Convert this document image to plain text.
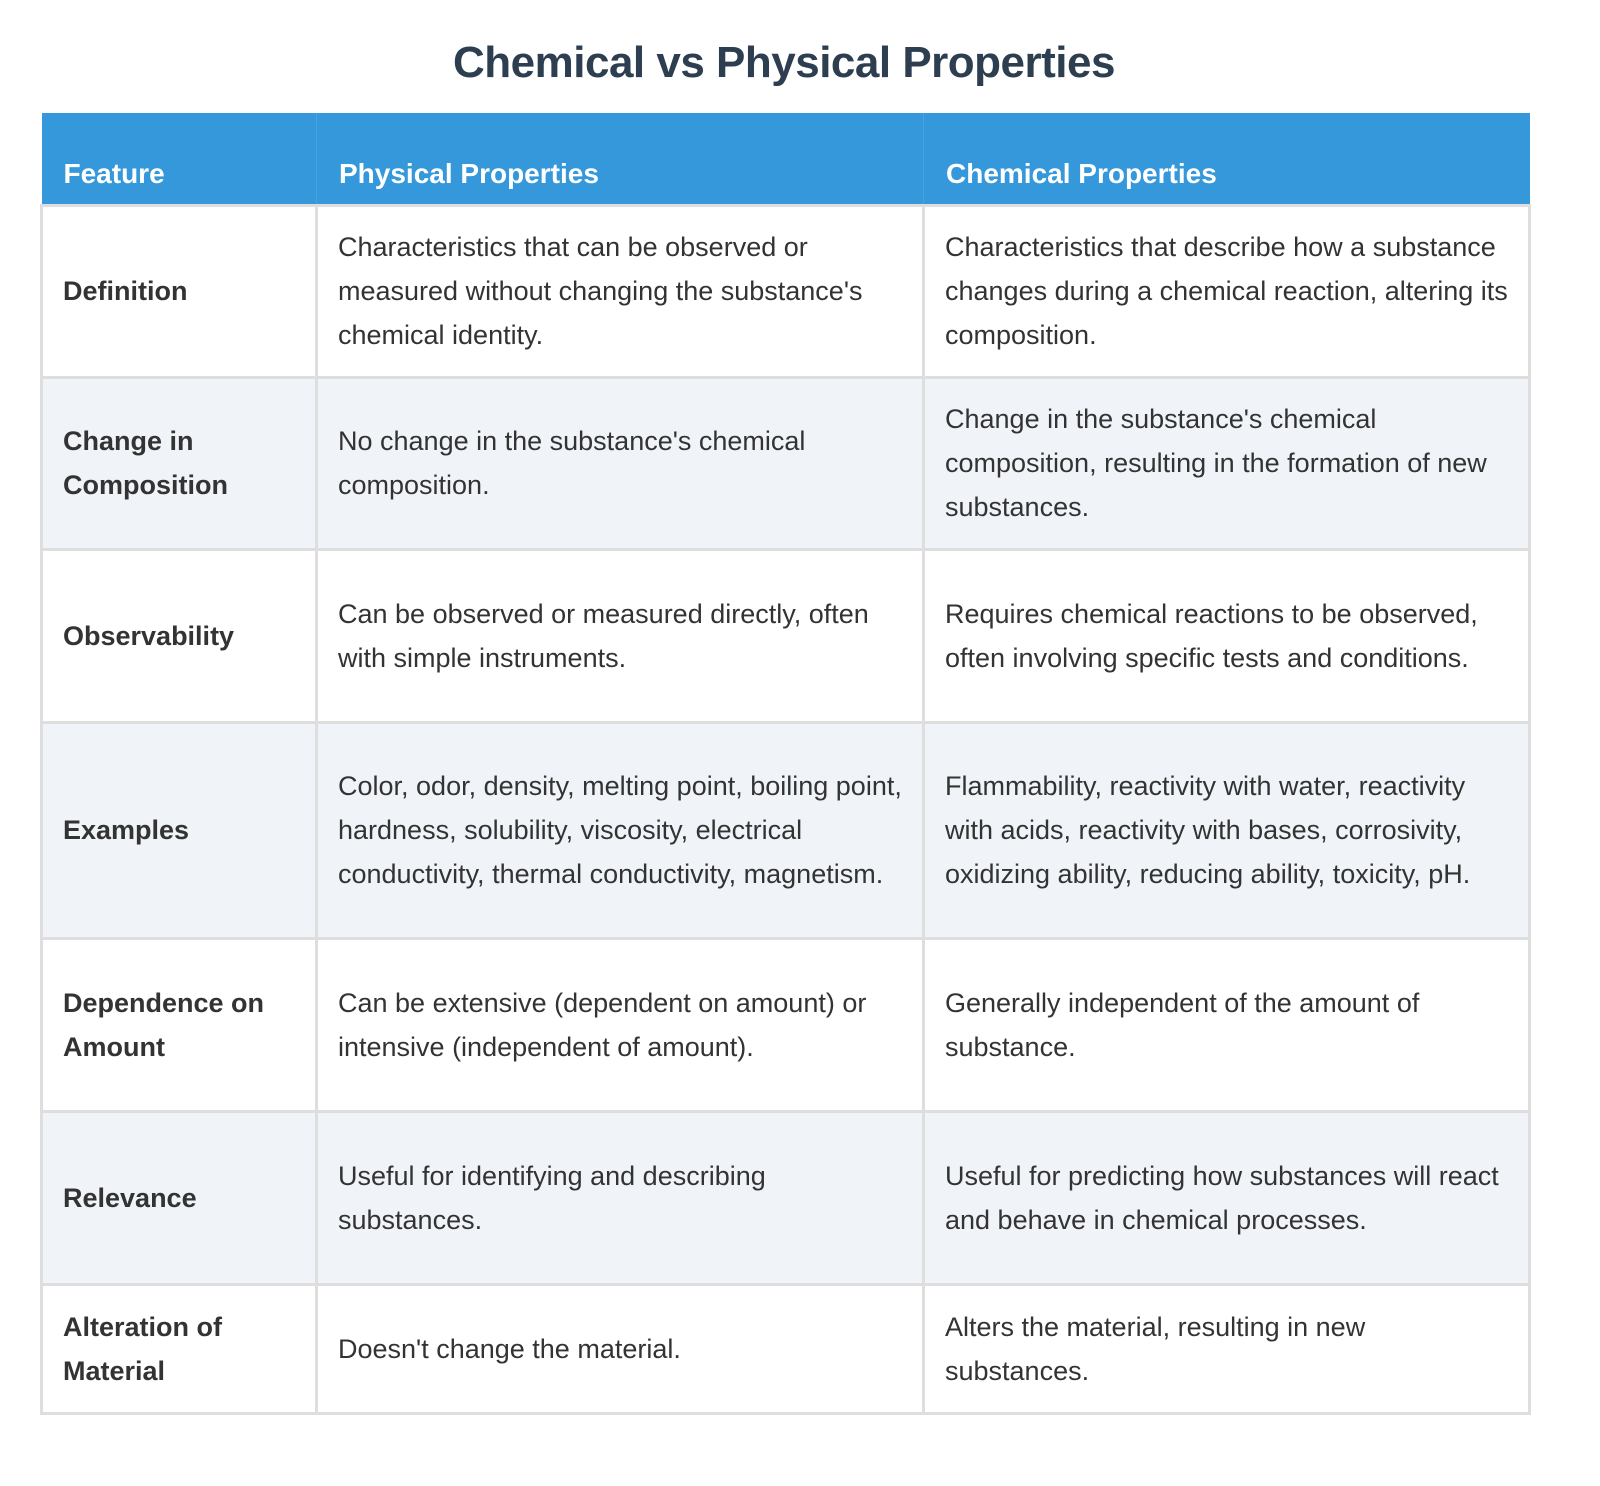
Chemical vs Physical Properties
Feature	Physical Properties	Chemical Properties
Definition	Characteristics that can be observed or measured without changing the substance's chemical identity.	Characteristics that describe how a substance changes during a chemical reaction, altering its composition.
Change in Composition	No change in the substance's chemical composition.	Change in the substance's chemical composition, resulting in the formation of new substances.
Observability	Can be observed or measured directly, often with simple instruments.	Requires chemical reactions to be observed, often involving specific tests and conditions.
Examples	Color, odor, density, melting point, boiling point, hardness, solubility, viscosity, electrical conductivity, thermal conductivity, magnetism.	Flammability, reactivity with water, reactivity with acids, reactivity with bases, corrosivity, oxidizing ability, reducing ability, toxicity, pH.
Dependence on Amount	Can be extensive (dependent on amount) or intensive (independent of amount).	Generally independent of the amount of substance.
Relevance	Useful for identifying and describing substances.	Useful for predicting how substances will react and behave in chemical processes.
Alteration of Material	Doesn't change the material.	Alters the material, resulting in new substances.
